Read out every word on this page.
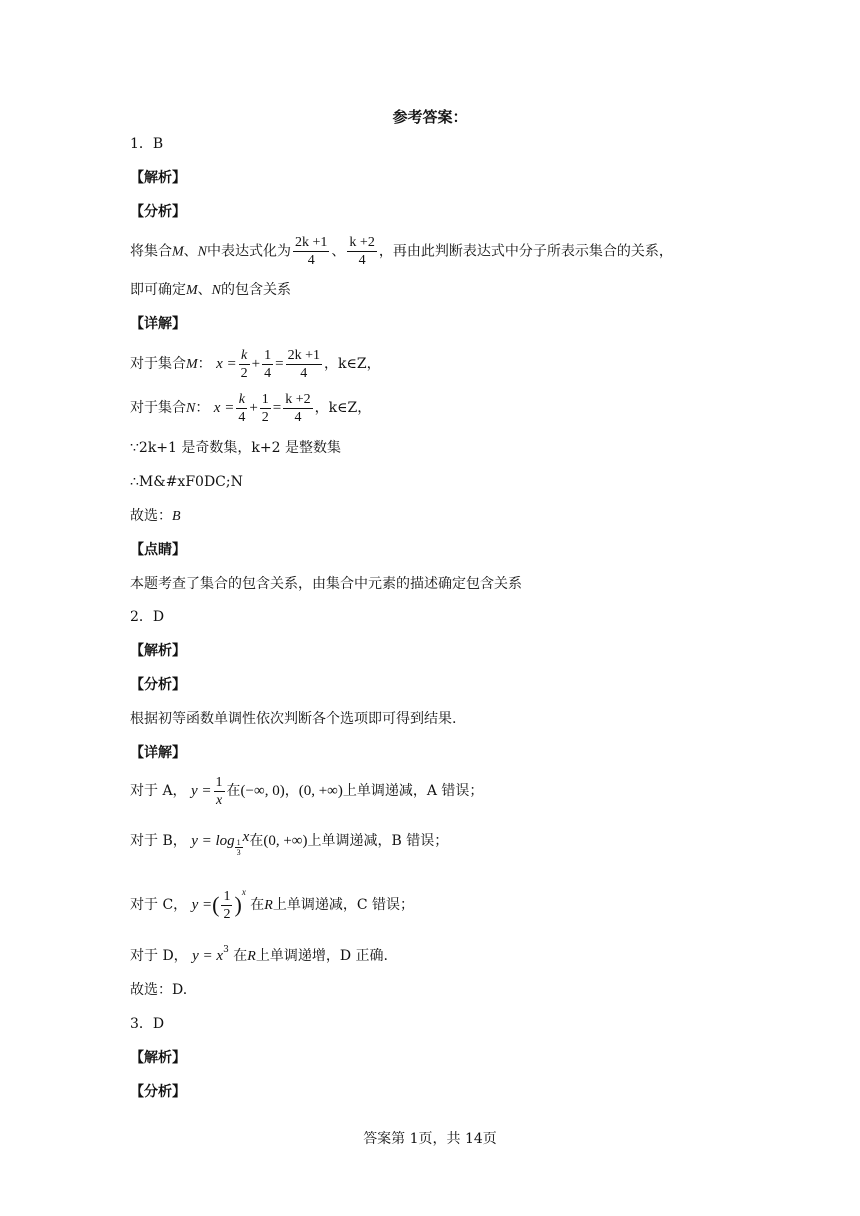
参考答案：
1．B
【解析】
【分析】
将集合M、N中表达式化为 $\frac{2k +1}{4}$ 、 $\frac{k +2}{4}$ ，再由此判断表达式中分子所表示集合的关系，
即可确定M、N的包含关系
【详解】
对于集合M： $x = \frac{k}{2} + \frac{1}{4} = \frac{2k +1}{4}$ ，k∈Z，
对于集合N： $x = \frac{k}{4} + \frac{1}{2} = \frac{k +2}{4}$ ，k∈Z，
∵2k+1 是奇数集，k+2 是整数集
∴M&#xF0DC;N
故选：B
【点睛】
本题考查了集合的包含关系，由集合中元素的描述确定包含关系
2．D
【解析】
【分析】
根据初等函数单调性依次判断各个选项即可得到结果.
【详解】
对于 A， $y = \frac{1}{x}$ 在(−∞, 0)，(0, +∞)上单调递减，A 错误；
对于 B， $y = \log \frac{1}{3}$
x在(0, +∞)上单调递减，B 错误；
对于 C， y =( $\frac{1}{2} )^x$ 在R上单调递减，C 错误；
对于 D， $y = x^3$ 在R上单调递增，D 正确.
故选：D.
3．D
【解析】
【分析】
答案第 1页，共 14页
